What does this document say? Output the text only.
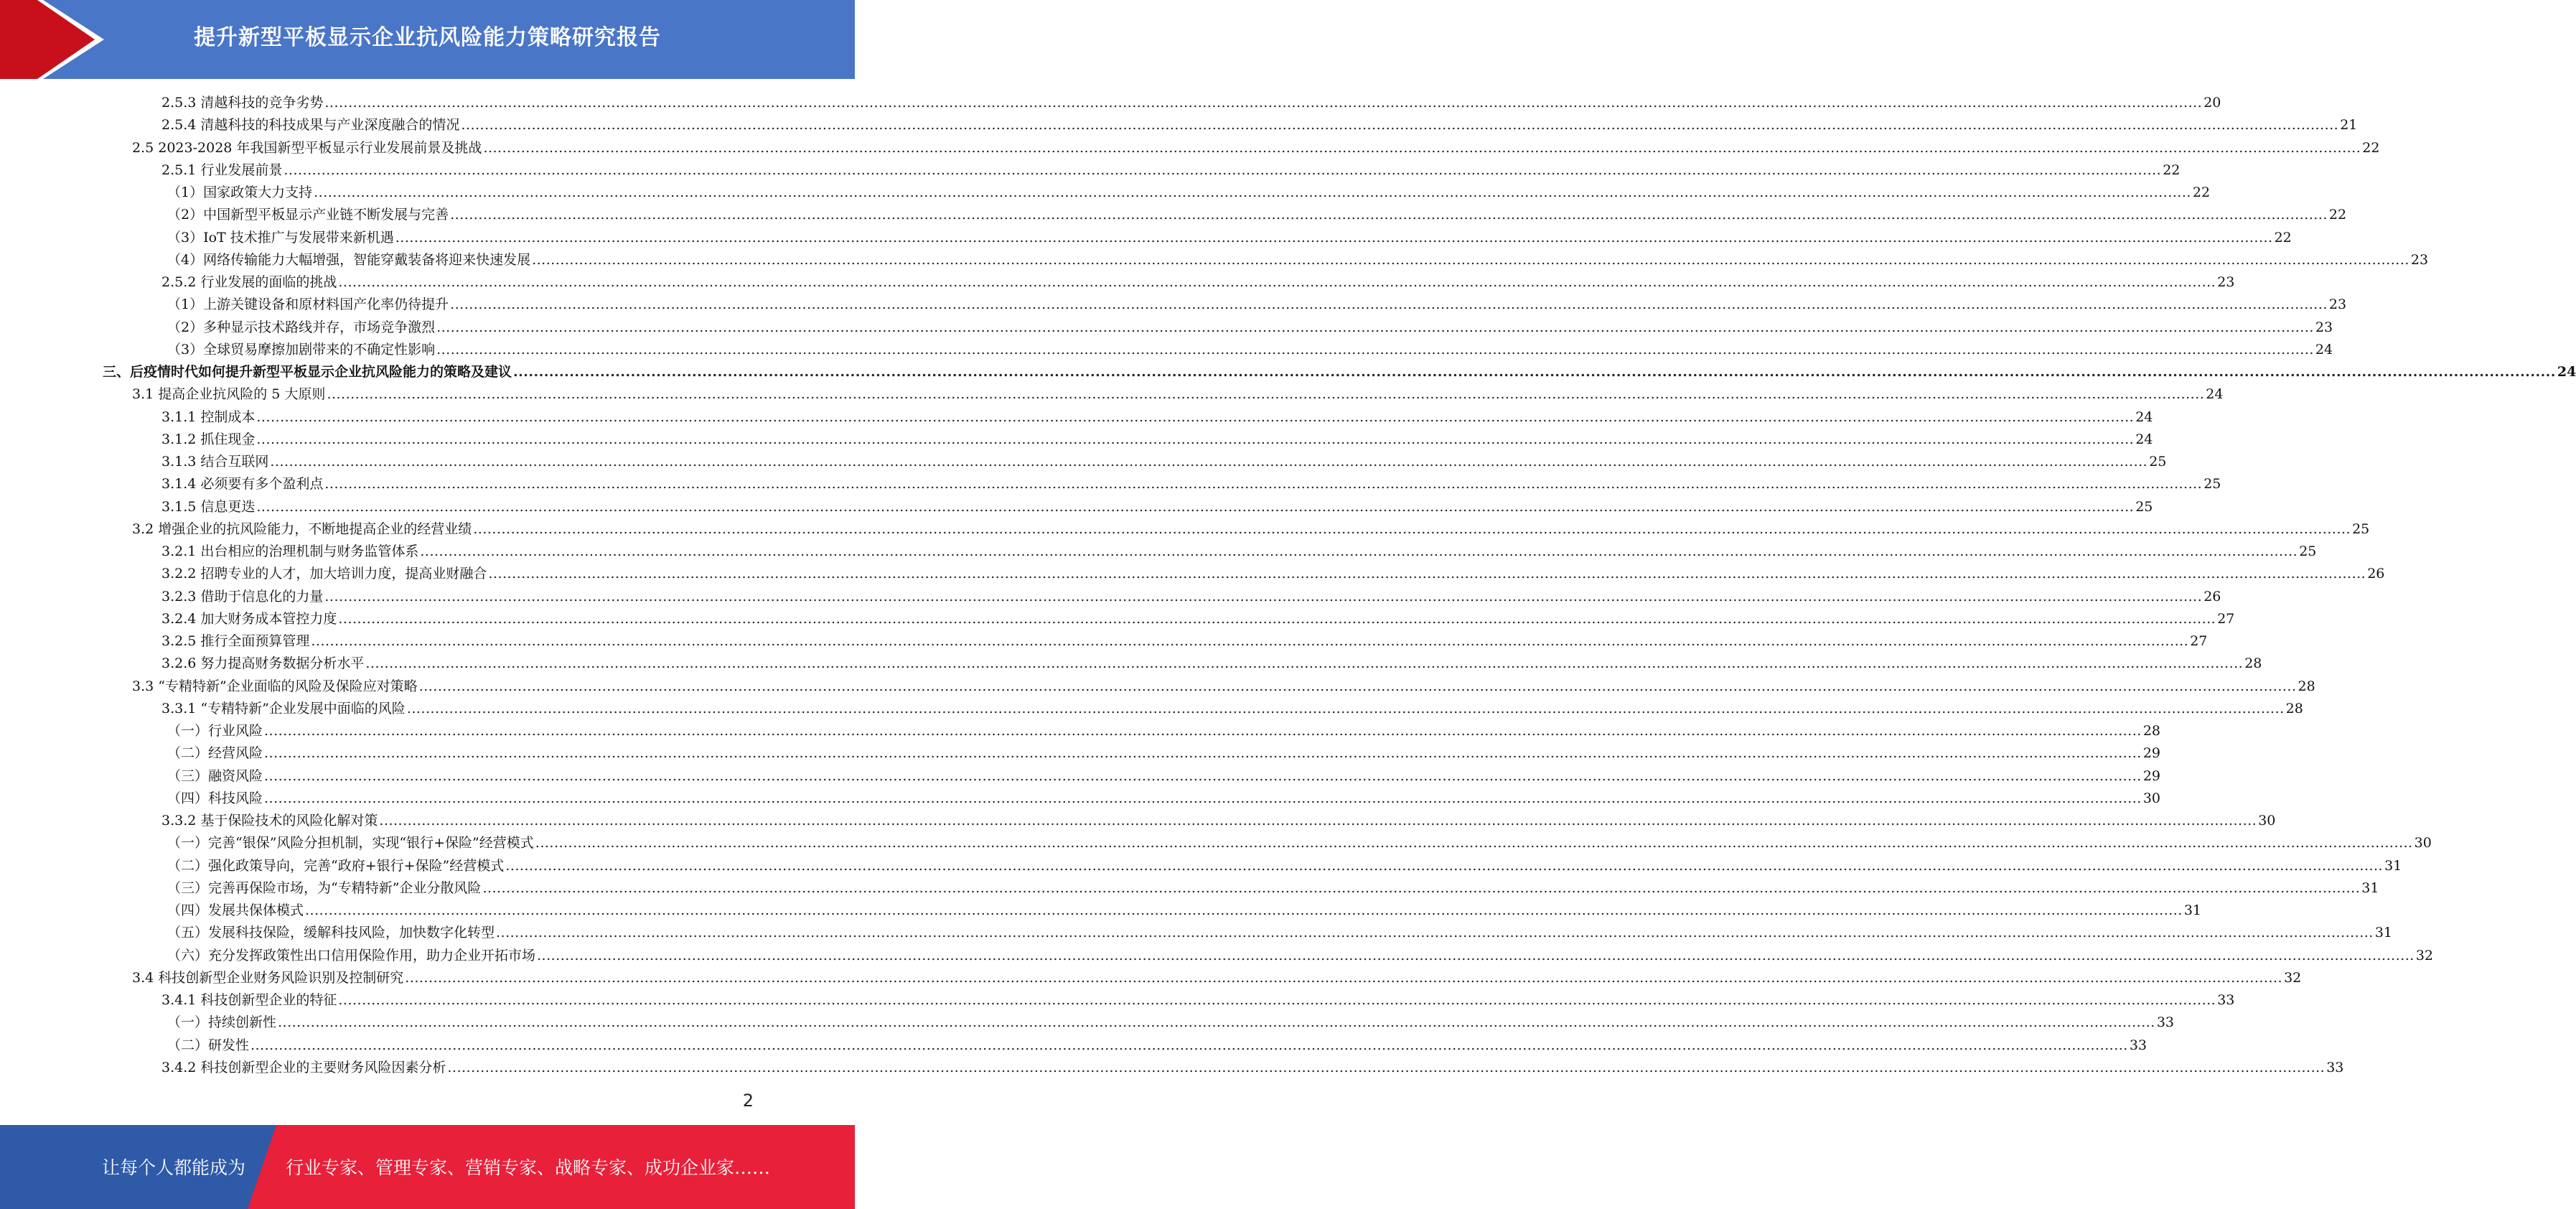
提升新型平板显示企业抗风险能力策略研究报告
2.5.3 清越科技的竞争劣势 ................................................................................................................................................................................................................................................................................................................................................................................................................ 20
2.5.4 清越科技的科技成果与产业深度融合的情况 ................................................................................................................................................................................................................................................................................................................................................................................................................ 21
2.5 2023-2028 年我国新型平板显示行业发展前景及挑战 ................................................................................................................................................................................................................................................................................................................................................................................................................ 22
2.5.1 行业发展前景 ................................................................................................................................................................................................................................................................................................................................................................................................................ 22
（1）国家政策大力支持 ................................................................................................................................................................................................................................................................................................................................................................................................................ 22
（2）中国新型平板显示产业链不断发展与完善 ................................................................................................................................................................................................................................................................................................................................................................................................................ 22
（3）IoT 技术推广与发展带来新机遇 ................................................................................................................................................................................................................................................................................................................................................................................................................ 22
（4）网络传输能力大幅增强，智能穿戴装备将迎来快速发展 ................................................................................................................................................................................................................................................................................................................................................................................................................ 23
2.5.2 行业发展的面临的挑战 ................................................................................................................................................................................................................................................................................................................................................................................................................ 23
（1）上游关键设备和原材料国产化率仍待提升 ................................................................................................................................................................................................................................................................................................................................................................................................................ 23
（2）多种显示技术路线并存，市场竞争激烈 ................................................................................................................................................................................................................................................................................................................................................................................................................ 23
（3）全球贸易摩擦加剧带来的不确定性影响 ................................................................................................................................................................................................................................................................................................................................................................................................................ 24
三、后疫情时代如何提升新型平板显示企业抗风险能力的策略及建议 ................................................................................................................................................................................................................................................................................................................................................................................................................ 24
3.1 提高企业抗风险的 5 大原则 ................................................................................................................................................................................................................................................................................................................................................................................................................ 24
3.1.1 控制成本 ................................................................................................................................................................................................................................................................................................................................................................................................................ 24
3.1.2 抓住现金 ................................................................................................................................................................................................................................................................................................................................................................................................................ 24
3.1.3 结合互联网 ................................................................................................................................................................................................................................................................................................................................................................................................................ 25
3.1.4 必须要有多个盈利点 ................................................................................................................................................................................................................................................................................................................................................................................................................ 25
3.1.5 信息更迭 ................................................................................................................................................................................................................................................................................................................................................................................................................ 25
3.2 增强企业的抗风险能力，不断地提高企业的经营业绩 ................................................................................................................................................................................................................................................................................................................................................................................................................ 25
3.2.1 出台相应的治理机制与财务监管体系 ................................................................................................................................................................................................................................................................................................................................................................................................................ 25
3.2.2 招聘专业的人才，加大培训力度，提高业财融合 ................................................................................................................................................................................................................................................................................................................................................................................................................ 26
3.2.3 借助于信息化的力量 ................................................................................................................................................................................................................................................................................................................................................................................................................ 26
3.2.4 加大财务成本管控力度 ................................................................................................................................................................................................................................................................................................................................................................................................................ 27
3.2.5 推行全面预算管理 ................................................................................................................................................................................................................................................................................................................................................................................................................ 27
3.2.6 努力提高财务数据分析水平 ................................................................................................................................................................................................................................................................................................................................................................................................................ 28
3.3 “专精特新”企业面临的风险及保险应对策略 ................................................................................................................................................................................................................................................................................................................................................................................................................ 28
3.3.1 “专精特新”企业发展中面临的风险 ................................................................................................................................................................................................................................................................................................................................................................................................................ 28
（一）行业风险 ................................................................................................................................................................................................................................................................................................................................................................................................................ 28
（二）经营风险 ................................................................................................................................................................................................................................................................................................................................................................................................................ 29
（三）融资风险 ................................................................................................................................................................................................................................................................................................................................................................................................................ 29
（四）科技风险 ................................................................................................................................................................................................................................................................................................................................................................................................................ 30
3.3.2 基于保险技术的风险化解对策 ................................................................................................................................................................................................................................................................................................................................................................................................................ 30
（一）完善“银保”风险分担机制，实现“银行+保险”经营模式 ................................................................................................................................................................................................................................................................................................................................................................................................................ 30
（二）强化政策导向，完善“政府+银行+保险”经营模式 ................................................................................................................................................................................................................................................................................................................................................................................................................ 31
（三）完善再保险市场，为“专精特新”企业分散风险 ................................................................................................................................................................................................................................................................................................................................................................................................................ 31
（四）发展共保体模式 ................................................................................................................................................................................................................................................................................................................................................................................................................ 31
（五）发展科技保险，缓解科技风险，加快数字化转型 ................................................................................................................................................................................................................................................................................................................................................................................................................ 31
（六）充分发挥政策性出口信用保险作用，助力企业开拓市场 ................................................................................................................................................................................................................................................................................................................................................................................................................ 32
3.4 科技创新型企业财务风险识别及控制研究 ................................................................................................................................................................................................................................................................................................................................................................................................................ 32
3.4.1 科技创新型企业的特征 ................................................................................................................................................................................................................................................................................................................................................................................................................ 33
（一）持续创新性 ................................................................................................................................................................................................................................................................................................................................................................................................................ 33
（二）研发性 ................................................................................................................................................................................................................................................................................................................................................................................................................ 33
3.4.2 科技创新型企业的主要财务风险因素分析 ................................................................................................................................................................................................................................................................................................................................................................................................................ 33
2
让每个人都能成为 行业专家、管理专家、营销专家、战略专家、成功企业家……
